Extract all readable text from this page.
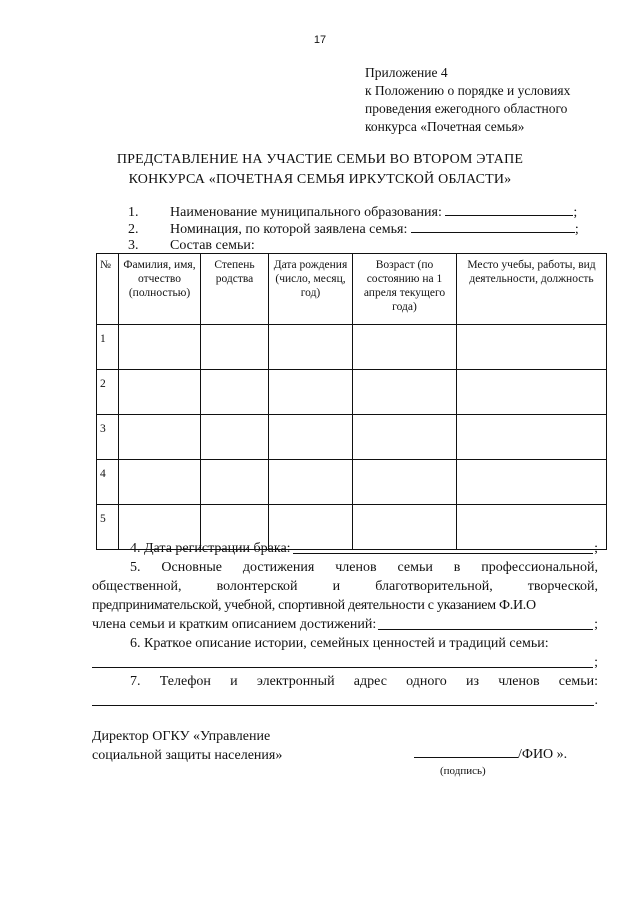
17
Приложение 4
к Положению о порядке и условиях
проведения ежегодного областного
конкурса «Почетная семья»
ПРЕДСТАВЛЕНИЕ НА УЧАСТИЕ СЕМЬИ ВО ВТОРОМ ЭТАПЕ
КОНКУРСА «ПОЧЕТНАЯ СЕМЬЯ ИРКУТСКОЙ ОБЛАСТИ»
1. Наименование муниципального образования:	;
2. Номинация, по которой заявлена семья:	;
3. Состав семьи:
№	Фамилия, имя, отчество (полностью)	Степень родства	Дата рождения (число, месяц, год)	Возраст (по состоянию на 1 апреля текущего года)	Место учебы, работы, вид деятельности, должность
1					
2					
3					
4					
5					
4. Дата регистрации брака:	;
5. Основные достижения членов семьи в профессиональной,
общественной, волонтерской и благотворительной, творческой,
предпринимательской, учебной, спортивной деятельности с указанием Ф.И.О
члена семьи и кратким описанием достижений:	;
6. Краткое описание истории, семейных ценностей и традиций семьи:
;
7. Телефон и электронный адрес одного из членов семьи:
.
Директор ОГКУ «Управление
социальной защиты населения»	/ФИО ».
(подпись)
